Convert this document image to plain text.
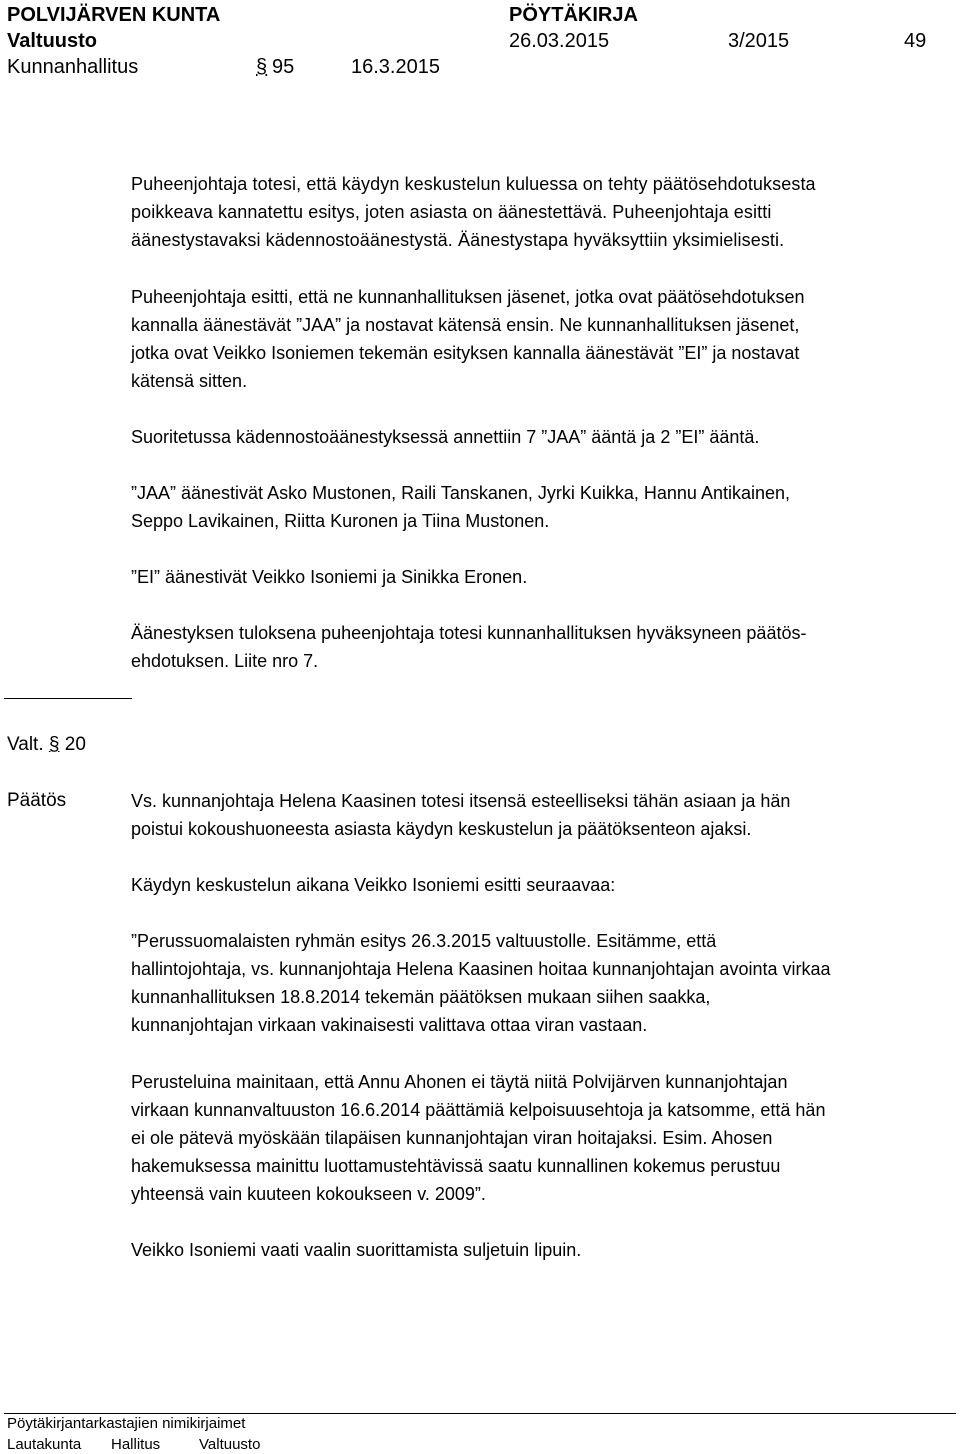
POLVIJÄRVEN KUNTA	PÖYTÄKIRJA
Valtuusto	26.03.2015	3/2015	49
Kunnanhallitus	§ 95	16.3.2015
Puheenjohtaja totesi, että käydyn keskustelun kuluessa on tehty päätösehdotuksesta
poikkeava kannatettu esitys, joten asiasta on äänestettävä. Puheenjohtaja esitti
äänestystavaksi kädennostoäänestystä. Äänestystapa hyväksyttiin yksimielisesti.
Puheenjohtaja esitti, että ne kunnanhallituksen jäsenet, jotka ovat päätösehdotuksen
kannalla äänestävät ”JAA” ja nostavat kätensä ensin. Ne kunnanhallituksen jäsenet,
jotka ovat Veikko Isoniemen tekemän esityksen kannalla äänestävät ”EI” ja nostavat
kätensä sitten.
Suoritetussa kädennostoäänestyksessä annettiin 7 ”JAA” ääntä ja 2 ”EI” ääntä.
”JAA” äänestivät Asko Mustonen, Raili Tanskanen, Jyrki Kuikka, Hannu Antikainen,
Seppo Lavikainen, Riitta Kuronen ja Tiina Mustonen.
”EI” äänestivät Veikko Isoniemi ja Sinikka Eronen.
Äänestyksen tuloksena puheenjohtaja totesi kunnanhallituksen hyväksyneen päätös-
ehdotuksen. Liite nro 7.
Valt. § 20
Päätös	Vs. kunnanjohtaja Helena Kaasinen totesi itsensä esteelliseksi tähän asiaan ja hän
poistui kokoushuoneesta asiasta käydyn keskustelun ja päätöksenteon ajaksi.
Käydyn keskustelun aikana Veikko Isoniemi esitti seuraavaa:
”Perussuomalaisten ryhmän esitys 26.3.2015 valtuustolle. Esitämme, että
hallintojohtaja, vs. kunnanjohtaja Helena Kaasinen hoitaa kunnanjohtajan avointa virkaa
kunnanhallituksen 18.8.2014 tekemän päätöksen mukaan siihen saakka,
kunnanjohtajan virkaan vakinaisesti valittava ottaa viran vastaan.
Perusteluina mainitaan, että Annu Ahonen ei täytä niitä Polvijärven kunnanjohtajan
virkaan kunnanvaltuuston 16.6.2014 päättämiä kelpoisuusehtoja ja katsomme, että hän
ei ole pätevä myöskään tilapäisen kunnanjohtajan viran hoitajaksi. Esim. Ahosen
hakemuksessa mainittu luottamustehtävissä saatu kunnallinen kokemus perustuu
yhteensä vain kuuteen kokoukseen v. 2009”.
Veikko Isoniemi vaati vaalin suorittamista suljetuin lipuin.
Pöytäkirjantarkastajien nimikirjaimet
Lautakunta Hallitus	Valtuusto
